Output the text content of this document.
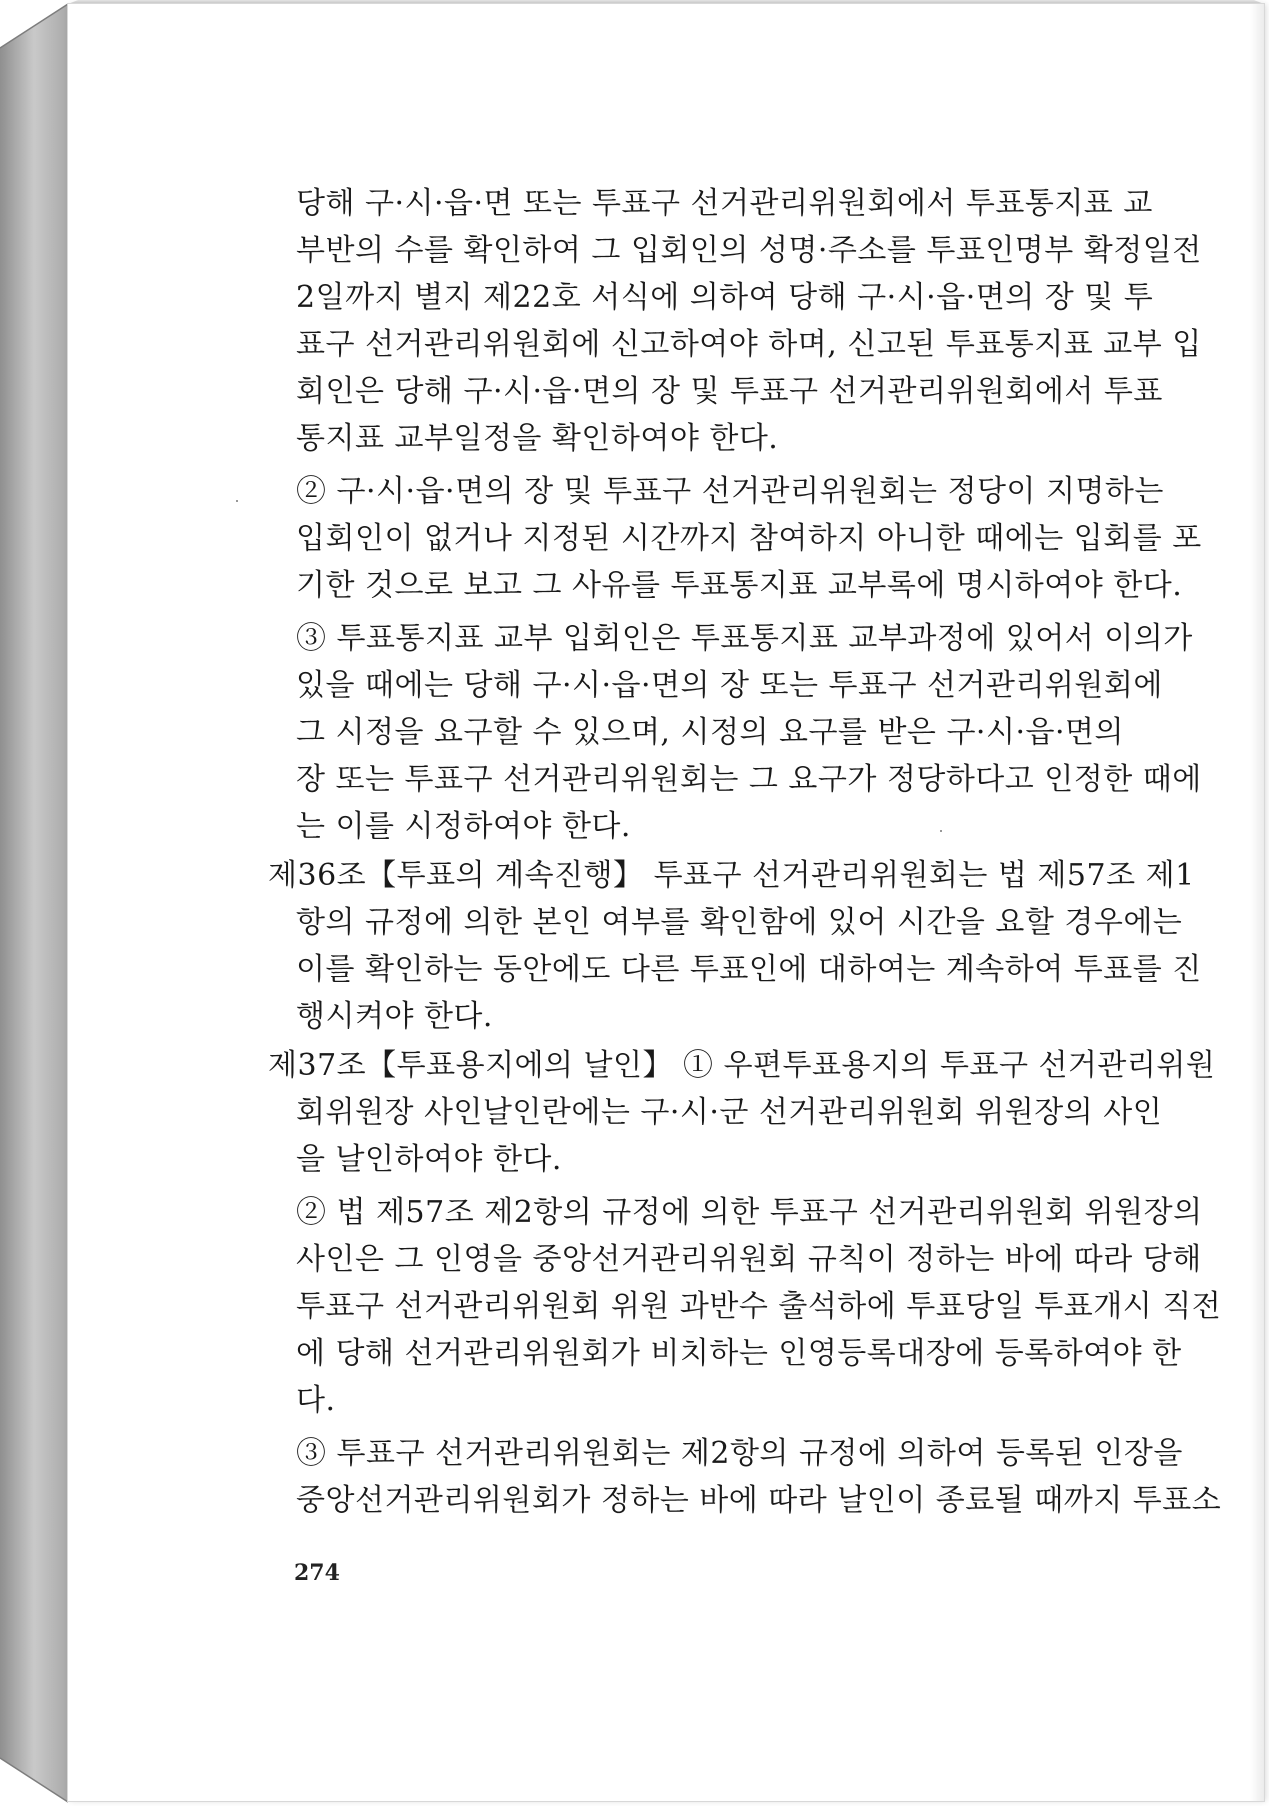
당해 구·시·읍·면 또는 투표구 선거관리위원회에서 투표통지표 교
부반의 수를 확인하여 그 입회인의 성명·주소를 투표인명부 확정일전
2일까지 별지 제22호 서식에 의하여 당해 구·시·읍·면의 장 및 투
표구 선거관리위원회에 신고하여야 하며, 신고된 투표통지표 교부 입
회인은 당해 구·시·읍·면의 장 및 투표구 선거관리위원회에서 투표
통지표 교부일정을 확인하여야 한다.
② 구·시·읍·면의 장 및 투표구 선거관리위원회는 정당이 지명하는
입회인이 없거나 지정된 시간까지 참여하지 아니한 때에는 입회를 포
기한 것으로 보고 그 사유를 투표통지표 교부록에 명시하여야 한다.
③ 투표통지표 교부 입회인은 투표통지표 교부과정에 있어서 이의가
있을 때에는 당해 구·시·읍·면의 장 또는 투표구 선거관리위원회에
그 시정을 요구할 수 있으며, 시정의 요구를 받은 구·시·읍·면의
장 또는 투표구 선거관리위원회는 그 요구가 정당하다고 인정한 때에
는 이를 시정하여야 한다.
제36조【투표의 계속진행】 투표구 선거관리위원회는 법 제57조 제1
항의 규정에 의한 본인 여부를 확인함에 있어 시간을 요할 경우에는
이를 확인하는 동안에도 다른 투표인에 대하여는 계속하여 투표를 진
행시켜야 한다.
제37조【투표용지에의 날인】 ① 우편투표용지의 투표구 선거관리위원
회위원장 사인날인란에는 구·시·군 선거관리위원회 위원장의 사인
을 날인하여야 한다.
② 법 제57조 제2항의 규정에 의한 투표구 선거관리위원회 위원장의
사인은 그 인영을 중앙선거관리위원회 규칙이 정하는 바에 따라 당해
투표구 선거관리위원회 위원 과반수 출석하에 투표당일 투표개시 직전
에 당해 선거관리위원회가 비치하는 인영등록대장에 등록하여야 한
다.
③ 투표구 선거관리위원회는 제2항의 규정에 의하여 등록된 인장을
중앙선거관리위원회가 정하는 바에 따라 날인이 종료될 때까지 투표소
274
